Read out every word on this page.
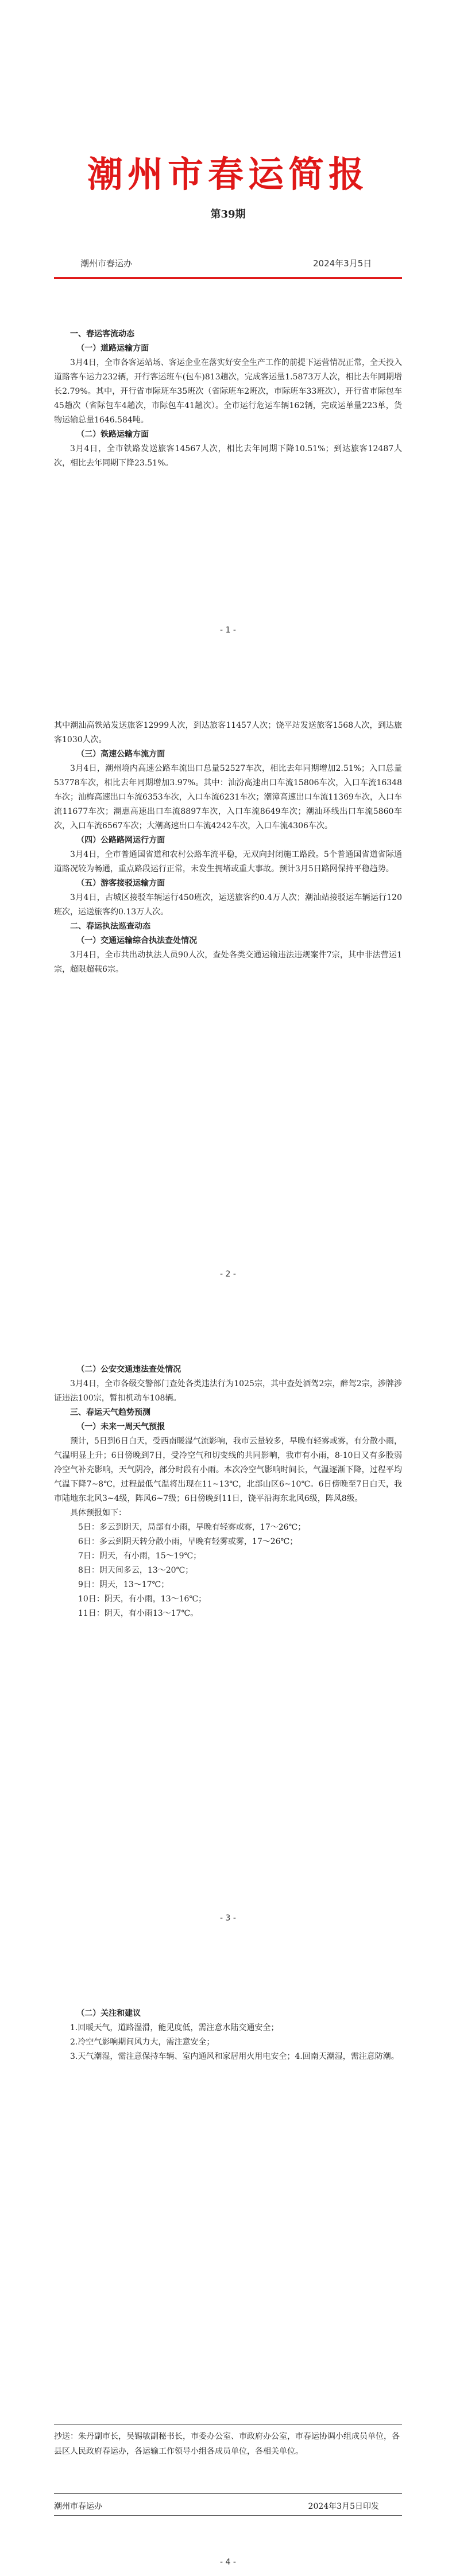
潮州市春运简报
第39期
潮州市春运办	2024年3月5日

一、春运客流动态

（一）道路运输方面

3月4日，全市各客运站场、客运企业在落实好安全生产工作的前提下运营情况正常，全天投入道路客车运力232辆，开行客运班车(包车)813趟次，完成客运量1.5873万人次，相比去年同期增长2.79%。其中，开行省市际班车35班次（省际班车2班次，市际班车33班次），开行省市际包车45趟次（省际包车4趟次，市际包车41趟次）。全市运行危运车辆162辆，完成运单量223单，货物运输总量1646.584吨。

（二）铁路运输方面

3月4日，全市铁路发送旅客14567人次，相比去年同期下降10.51%；到达旅客12487人次，相比去年同期下降23.51%。

- 1 -

其中潮汕高铁站发送旅客12999人次，到达旅客11457人次；饶平站发送旅客1568人次，到达旅客1030人次。

（三）高速公路车流方面

3月4日，潮州境内高速公路车流出口总量52527车次，相比去年同期增加2.51%；入口总量53778车次，相比去年同期增加3.97%。其中：汕汾高速出口车流15806车次，入口车流16348车次；汕梅高速出口车流6353车次，入口车流6231车次；潮漳高速出口车流11369车次，入口车流11677车次；潮惠高速出口车流8897车次，入口车流8649车次；潮汕环线出口车流5860车次，入口车流6567车次；大潮高速出口车流4242车次，入口车流4306车次。

（四）公路路网运行方面

3月4日，全市普通国省道和农村公路车流平稳，无双向封闭施工路段。5个普通国省道省际通道路况较为畅通，重点路段运行正常，未发生拥堵或重大事故。预计3月5日路网保持平稳趋势。

（五）游客接驳运输方面

3月4日，古城区接驳车辆运行450班次，运送旅客约0.4万人次；潮汕站接驳运车辆运行120班次，运送旅客约0.13万人次。

二、春运执法巡查动态

（一）交通运输综合执法查处情况

3月4日，全市共出动执法人员90人次，查处各类交通运输违法违规案件7宗，其中非法营运1宗，超限超载6宗。

- 2 -

（二）公安交通违法查处情况

3月4日，全市各级交警部门查处各类违法行为1025宗，其中查处酒驾2宗，醉驾2宗，涉牌涉证违法100宗，暂扣机动车108辆。

三、春运天气趋势预测

（一）未来一周天气预报

预计，5日到6日白天，受西南暖湿气流影响，我市云量较多，早晚有轻雾或雾，有分散小雨，气温明显上升；6日傍晚到7日，受冷空气和切变线的共同影响，我市有小雨，8-10日又有多股弱冷空气补充影响，天气阴冷，部分时段有小雨。本次冷空气影响时间长，气温逐渐下降，过程平均气温下降7~8℃，过程最低气温将出现在11~13℃，北部山区6~10℃。6日傍晚至7日白天，我市陆地东北风3~4级，阵风6~7级；6日傍晚到11日，饶平沿海东北风6级，阵风8级。

具体预报如下：

5日：多云到阴天，局部有小雨，早晚有轻雾或雾，17～26℃；

6日：多云到阴天转分散小雨，早晚有轻雾或雾，17～26℃；

7日：阴天，有小雨，15～19℃；

8日：阴天间多云，13～20℃；

9日：阴天，13～17℃；

10日：阴天，有小雨，13～16℃；

11日：阴天，有小雨13～17℃。

- 3 -

（二）关注和建议

1.回暖天气，道路湿滑，能见度低，需注意水陆交通安全；

2.冷空气影响期间风力大，需注意安全；

3.天气潮湿，需注意保持车辆、室内通风和家居用火用电安全；4.回南天潮湿，需注意防潮。

抄送：朱丹副市长，吴锡敏副秘书长，市委办公室、市政府办公室，市春运协调小组成员单位，各县区人民政府春运办，各运输工作领导小组各成员单位，各相关单位。
潮州市春运办	2024年3月5日印发
- 4 -
